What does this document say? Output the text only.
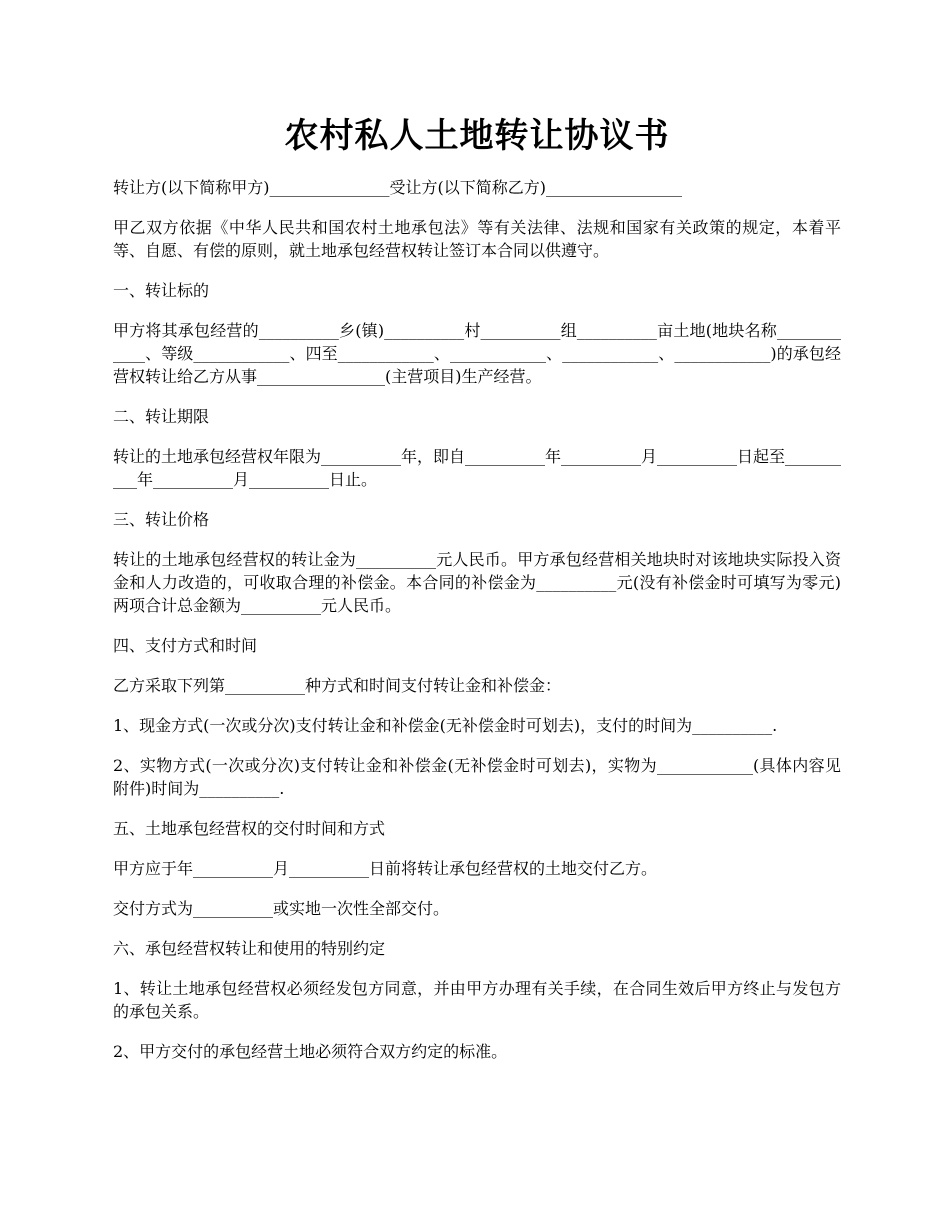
农村私人土地转让协议书

转让方(以下简称甲方)_______________受让方(以下简称乙方)_________________

甲乙双方依据《中华人民共和国农村土地承包法》等有关法律、法规和国家有关政策的规定，本着平等、自愿、有偿的原则，就土地承包经营权转让签订本合同以供遵守。

一、转让标的

甲方将其承包经营的__________乡(镇)__________村__________组__________亩土地(地块名称____________、等级____________、四至____________、____________、____________、____________)的承包经营权转让给乙方从事________________(主营项目)生产经营。

二、转让期限

转让的土地承包经营权年限为__________年，即自__________年__________月__________日起至__________年__________月__________日止。

三、转让价格

转让的土地承包经营权的转让金为__________元人民币。甲方承包经营相关地块时对该地块实际投入资金和人力改造的，可收取合理的补偿金。本合同的补偿金为__________元(没有补偿金时可填写为零元)两项合计总金额为__________元人民币。

四、支付方式和时间

乙方采取下列第__________种方式和时间支付转让金和补偿金：

1、现金方式(一次或分次)支付转让金和补偿金(无补偿金时可划去)，支付的时间为__________.

2、实物方式(一次或分次)支付转让金和补偿金(无补偿金时可划去)，实物为____________(具体内容见附件)时间为__________.

五、土地承包经营权的交付时间和方式

甲方应于年__________月__________日前将转让承包经营权的土地交付乙方。

交付方式为__________或实地一次性全部交付。

六、承包经营权转让和使用的特别约定

1、转让土地承包经营权必须经发包方同意，并由甲方办理有关手续，在合同生效后甲方终止与发包方的承包关系。

2、甲方交付的承包经营土地必须符合双方约定的标准。
